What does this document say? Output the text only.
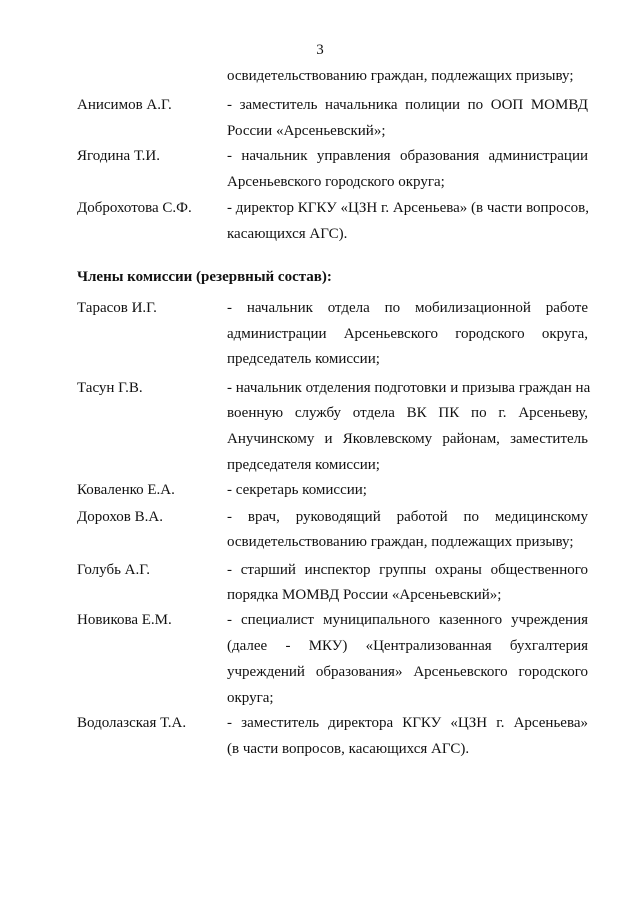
3
освидетельствованию граждан, подлежащих призыву;
Анисимов А.Г.	- заместитель начальника полиции по ООП МОМВД
России «Арсеньевский»;
Ягодина Т.И.	- начальник управления образования администрации
Арсеньевского городского округа;
Доброхотова С.Ф.	- директор КГКУ «ЦЗН г. Арсеньева» (в части вопросов,
касающихся АГС).
Члены комиссии (резервный состав):
Тарасов И.Г.	- начальник отдела по мобилизационной работе
администрации Арсеньевского городского округа,
председатель комиссии;
Тасун Г.В.	- начальник отделения подготовки и призыва граждан на
военную службу отдела ВК ПК по г. Арсеньеву,
Анучинскому и Яковлевскому районам, заместитель
председателя комиссии;
Коваленко Е.А.	- секретарь комиссии;
Дорохов В.А.	- врач, руководящий работой по медицинскому
освидетельствованию граждан, подлежащих призыву;
Голубь А.Г.	- старший инспектор группы охраны общественного
порядка МОМВД России «Арсеньевский»;
Новикова Е.М.	- специалист муниципального казенного учреждения
(далее - МКУ) «Централизованная бухгалтерия
учреждений образования» Арсеньевского городского
округа;
Водолазская Т.А.	- заместитель директора КГКУ «ЦЗН г. Арсеньева»
(в части вопросов, касающихся АГС).
